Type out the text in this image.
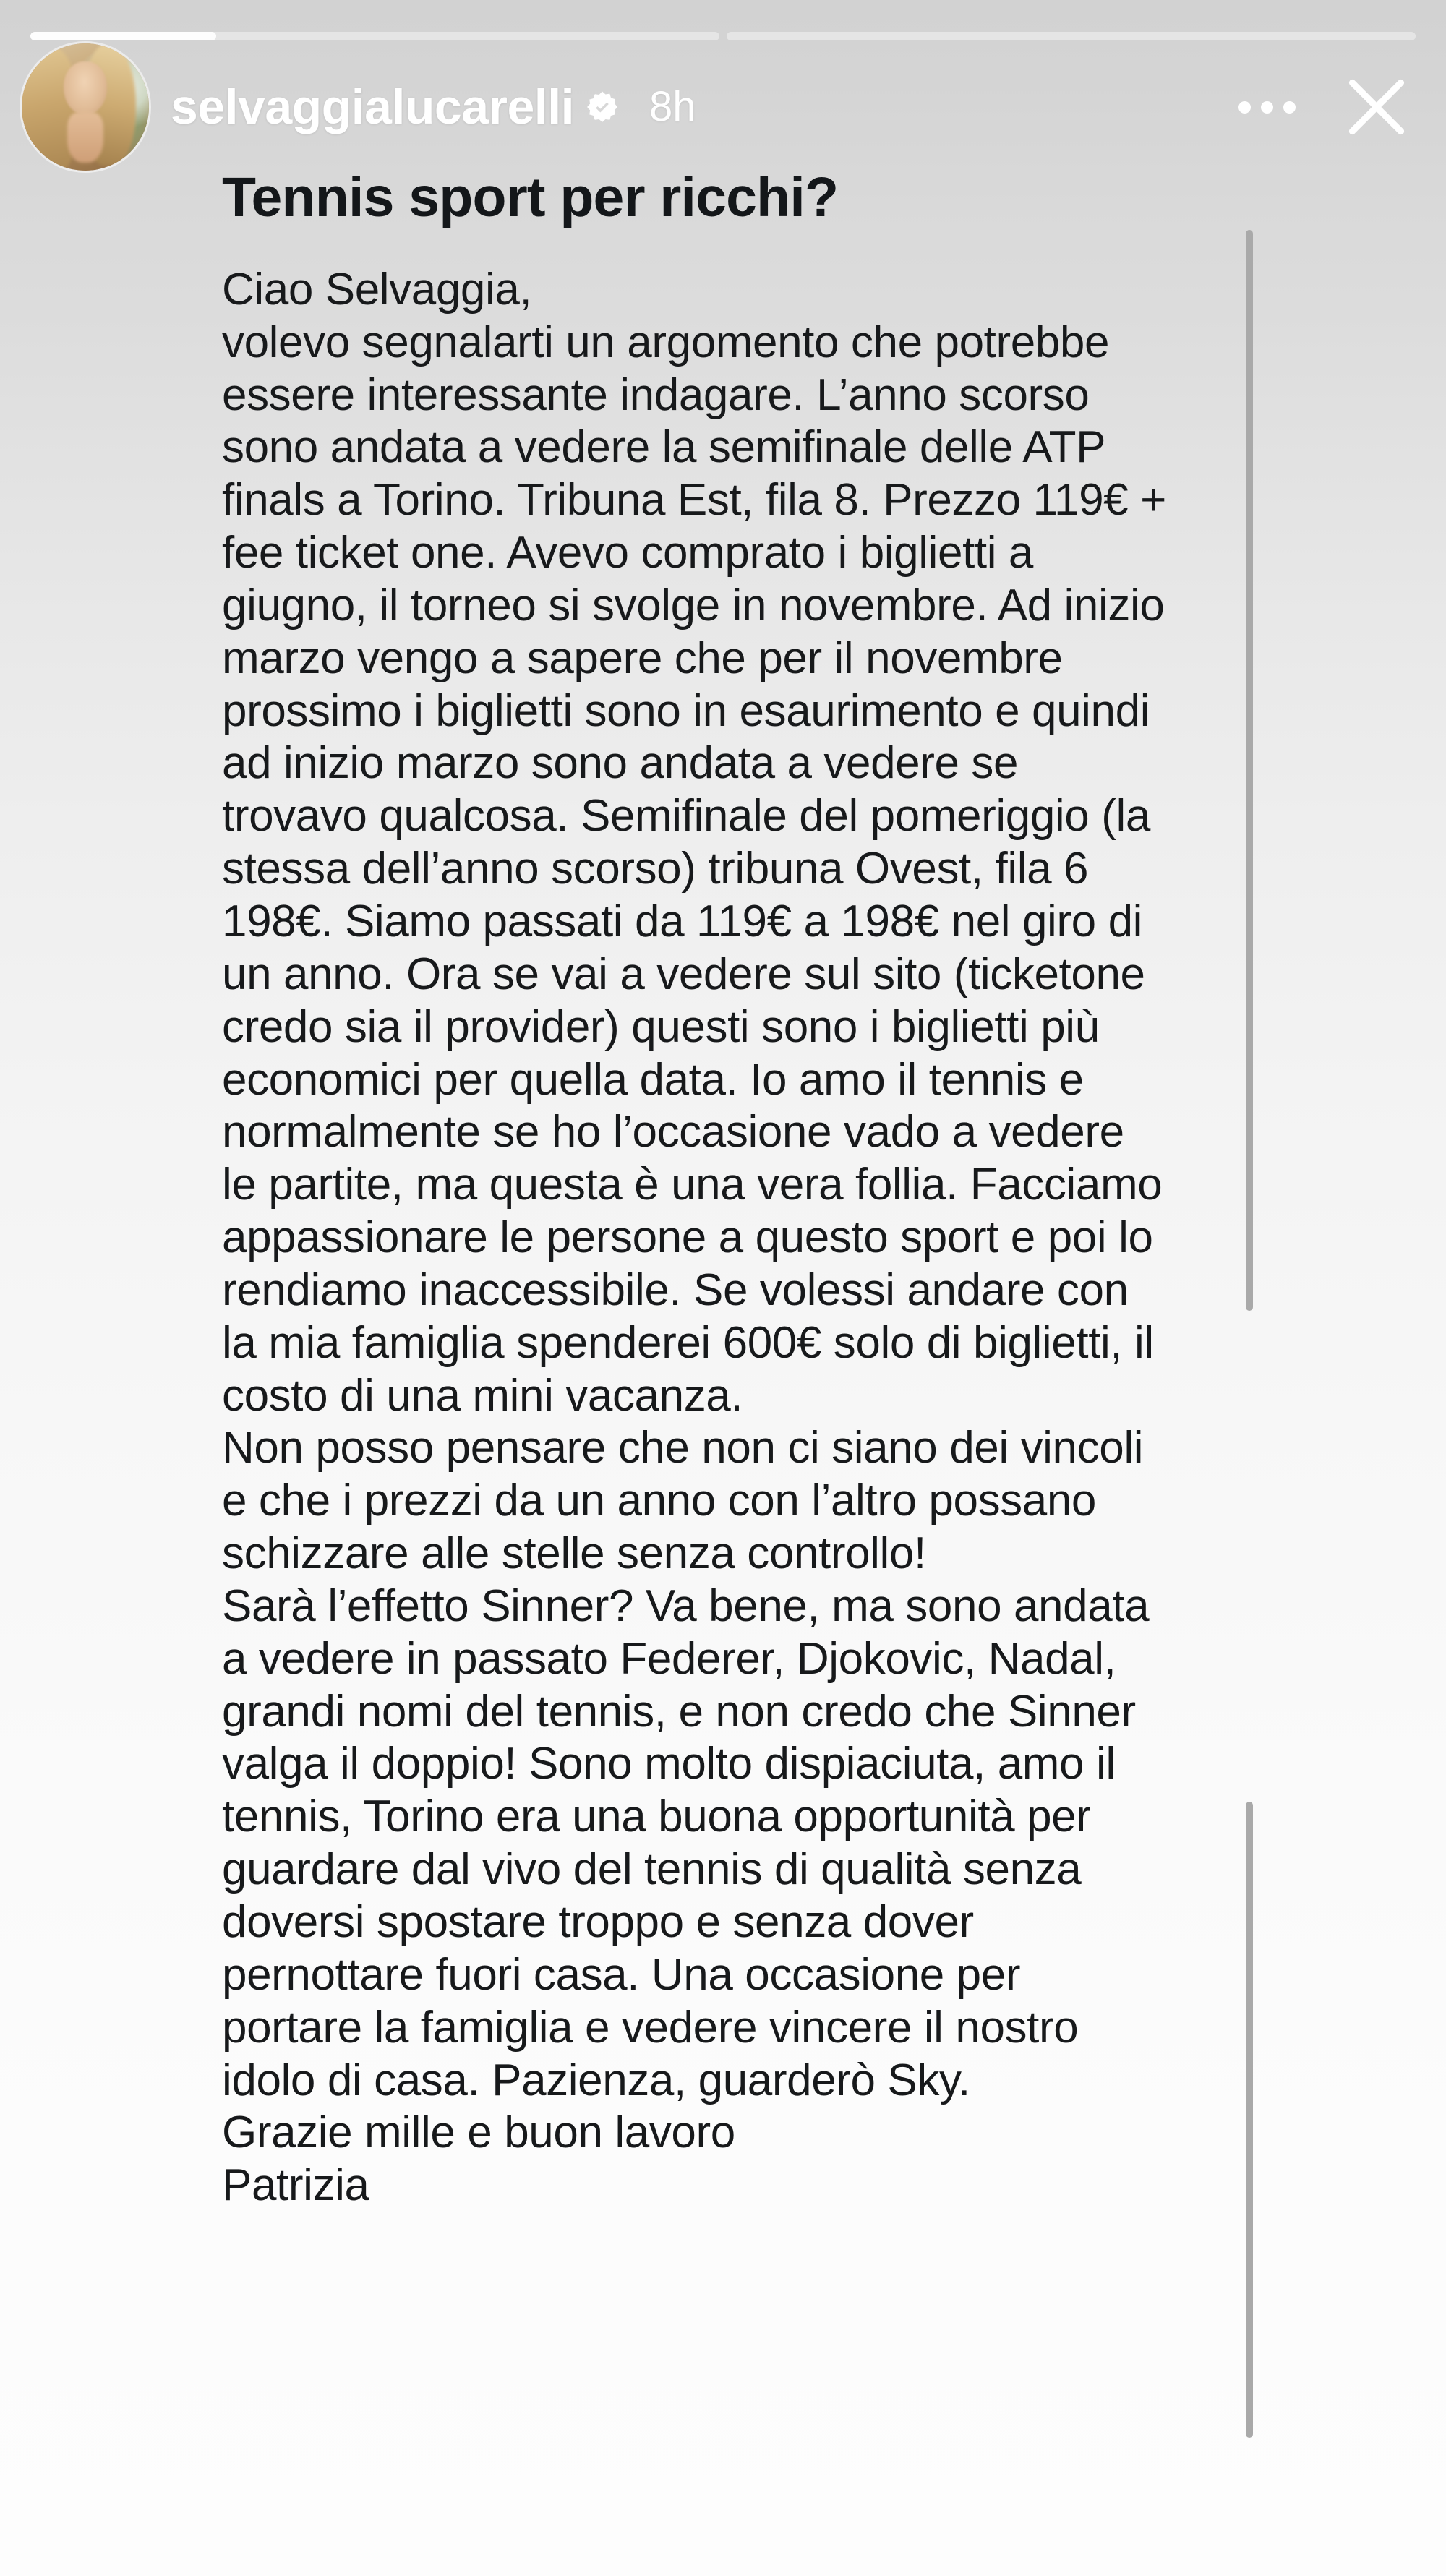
selvaggialucarelli 8h
Tennis sport per ricchi?

Ciao Selvaggia,

volevo segnalarti un argomento che potrebbe essere interessante indagare. L’anno scorso sono andata a vedere la semifinale delle ATP finals a Torino. Tribuna Est, fila 8. Prezzo 119€ + fee ticket one. Avevo comprato i biglietti a giugno, il torneo si svolge in novembre. Ad inizio marzo vengo a sapere che per il novembre prossimo i biglietti sono in esaurimento e quindi ad inizio marzo sono andata a vedere se trovavo qualcosa. Semifinale del pomeriggio (la stessa dell’anno scorso) tribuna Ovest, fila 6 198€. Siamo passati da 119€ a 198€ nel giro di un anno. Ora se vai a vedere sul sito (ticketone credo sia il provider) questi sono i biglietti più economici per quella data. Io amo il tennis e normalmente se ho l’occasione vado a vedere le partite, ma questa è una vera follia. Facciamo appassionare le persone a questo sport e poi lo rendiamo inaccessibile. Se volessi andare con la mia famiglia spenderei 600€ solo di biglietti, il costo di una mini vacanza.

Non posso pensare che non ci siano dei vincoli e che i prezzi da un anno con l’altro possano schizzare alle stelle senza controllo!

Sarà l’effetto Sinner? Va bene, ma sono andata a vedere in passato Federer, Djokovic, Nadal, grandi nomi del tennis, e non credo che Sinner valga il doppio! Sono molto dispiaciuta, amo il tennis, Torino era una buona opportunità per guardare dal vivo del tennis di qualità senza doversi spostare troppo e senza dover pernottare fuori casa. Una occasione per portare la famiglia e vedere vincere il nostro idolo di casa. Pazienza, guarderò Sky.

Grazie mille e buon lavoro

Patrizia
